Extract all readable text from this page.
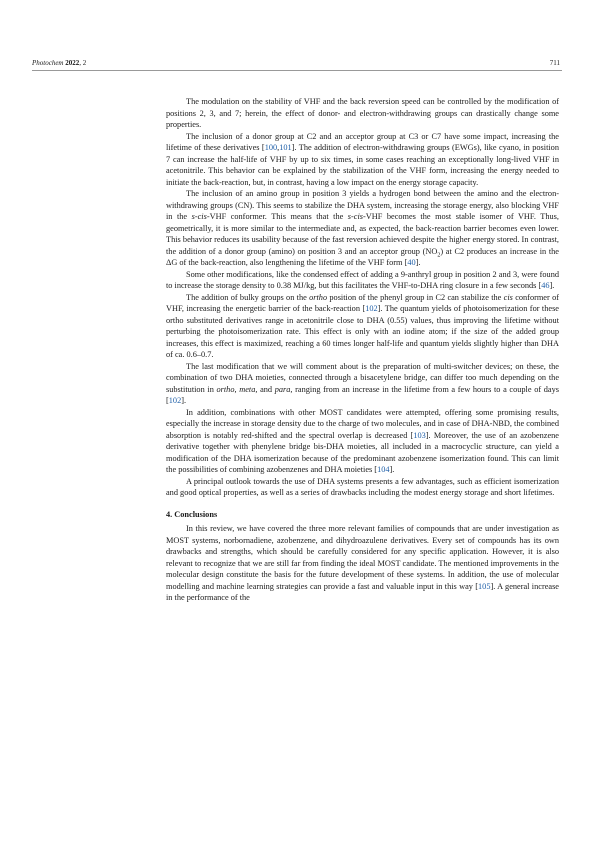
Photochem 2022, 2	711

The modulation on the stability of VHF and the back reversion speed can be controlled by the modification of positions 2, 3, and 7; herein, the effect of donor- and electron-withdrawing groups can drastically change some properties.

The inclusion of a donor group at C2 and an acceptor group at C3 or C7 have some impact, increasing the lifetime of these derivatives [100,101]. The addition of electron-withdrawing groups (EWGs), like cyano, in position 7 can increase the half-life of VHF by up to six times, in some cases reaching an exceptionally long-lived VHF in acetonitrile. This behavior can be explained by the stabilization of the VHF form, increasing the energy needed to initiate the back-reaction, but, in contrast, having a low impact on the energy storage capacity.

The inclusion of an amino group in position 3 yields a hydrogen bond between the amino and the electron-withdrawing groups (CN). This seems to stabilize the DHA system, increasing the storage energy, also blocking VHF in the s-cis-VHF conformer. This means that the s-cis-VHF becomes the most stable isomer of VHF. Thus, geometrically, it is more similar to the intermediate and, as expected, the back-reaction barrier becomes even lower. This behavior reduces its usability because of the fast reversion achieved despite the higher energy stored. In contrast, the addition of a donor group (amino) on position 3 and an acceptor group $(NO_2)$ at C2 produces an increase in the ΔG of the back-reaction, also lengthening the lifetime of the VHF form [40].

Some other modifications, like the condensed effect of adding a 9-anthryl group in position 2 and 3, were found to increase the storage density to 0.38 MJ/kg, but this facilitates the VHF-to-DHA ring closure in a few seconds [46].

The addition of bulky groups on the ortho position of the phenyl group in C2 can stabilize the cis conformer of VHF, increasing the energetic barrier of the back-reaction [102]. The quantum yields of photoisomerization for these ortho substituted derivatives range in acetonitrile close to DHA (0.55) values, thus improving the lifetime without perturbing the photoisomerization rate. This effect is only with an iodine atom; if the size of the added group increases, this effect is maximized, reaching a 60 times longer half-life and quantum yields slightly higher than DHA of ca. 0.6–0.7.

The last modification that we will comment about is the preparation of multi-switcher devices; on these, the combination of two DHA moieties, connected through a bisacetylene bridge, can differ too much depending on the substitution in ortho, meta, and para, ranging from an increase in the lifetime from a few hours to a couple of days [102].

In addition, combinations with other MOST candidates were attempted, offering some promising results, especially the increase in storage density due to the charge of two molecules, and in case of DHA-NBD, the combined absorption is notably red-shifted and the spectral overlap is decreased [103]. Moreover, the use of an azobenzene derivative together with phenylene bridge bis-DHA moieties, all included in a macrocyclic structure, can yield a modification of the DHA isomerization because of the predominant azobenzene isomerization found. This can limit the possibilities of combining azobenzenes and DHA moieties [104].

A principal outlook towards the use of DHA systems presents a few advantages, such as efficient isomerization and good optical properties, as well as a series of drawbacks including the modest energy storage and short lifetimes.

4. Conclusions

In this review, we have covered the three more relevant families of compounds that are under investigation as MOST systems, norbornadiene, azobenzene, and dihydroazulene derivatives. Every set of compounds has its own drawbacks and strengths, which should be carefully considered for any specific application. However, it is also relevant to recognize that we are still far from finding the ideal MOST candidate. The mentioned improvements in the molecular design constitute the basis for the future development of these systems. In addition, the use of molecular modelling and machine learning strategies can provide a fast and valuable input in this way [105]. A general increase in the performance of the
